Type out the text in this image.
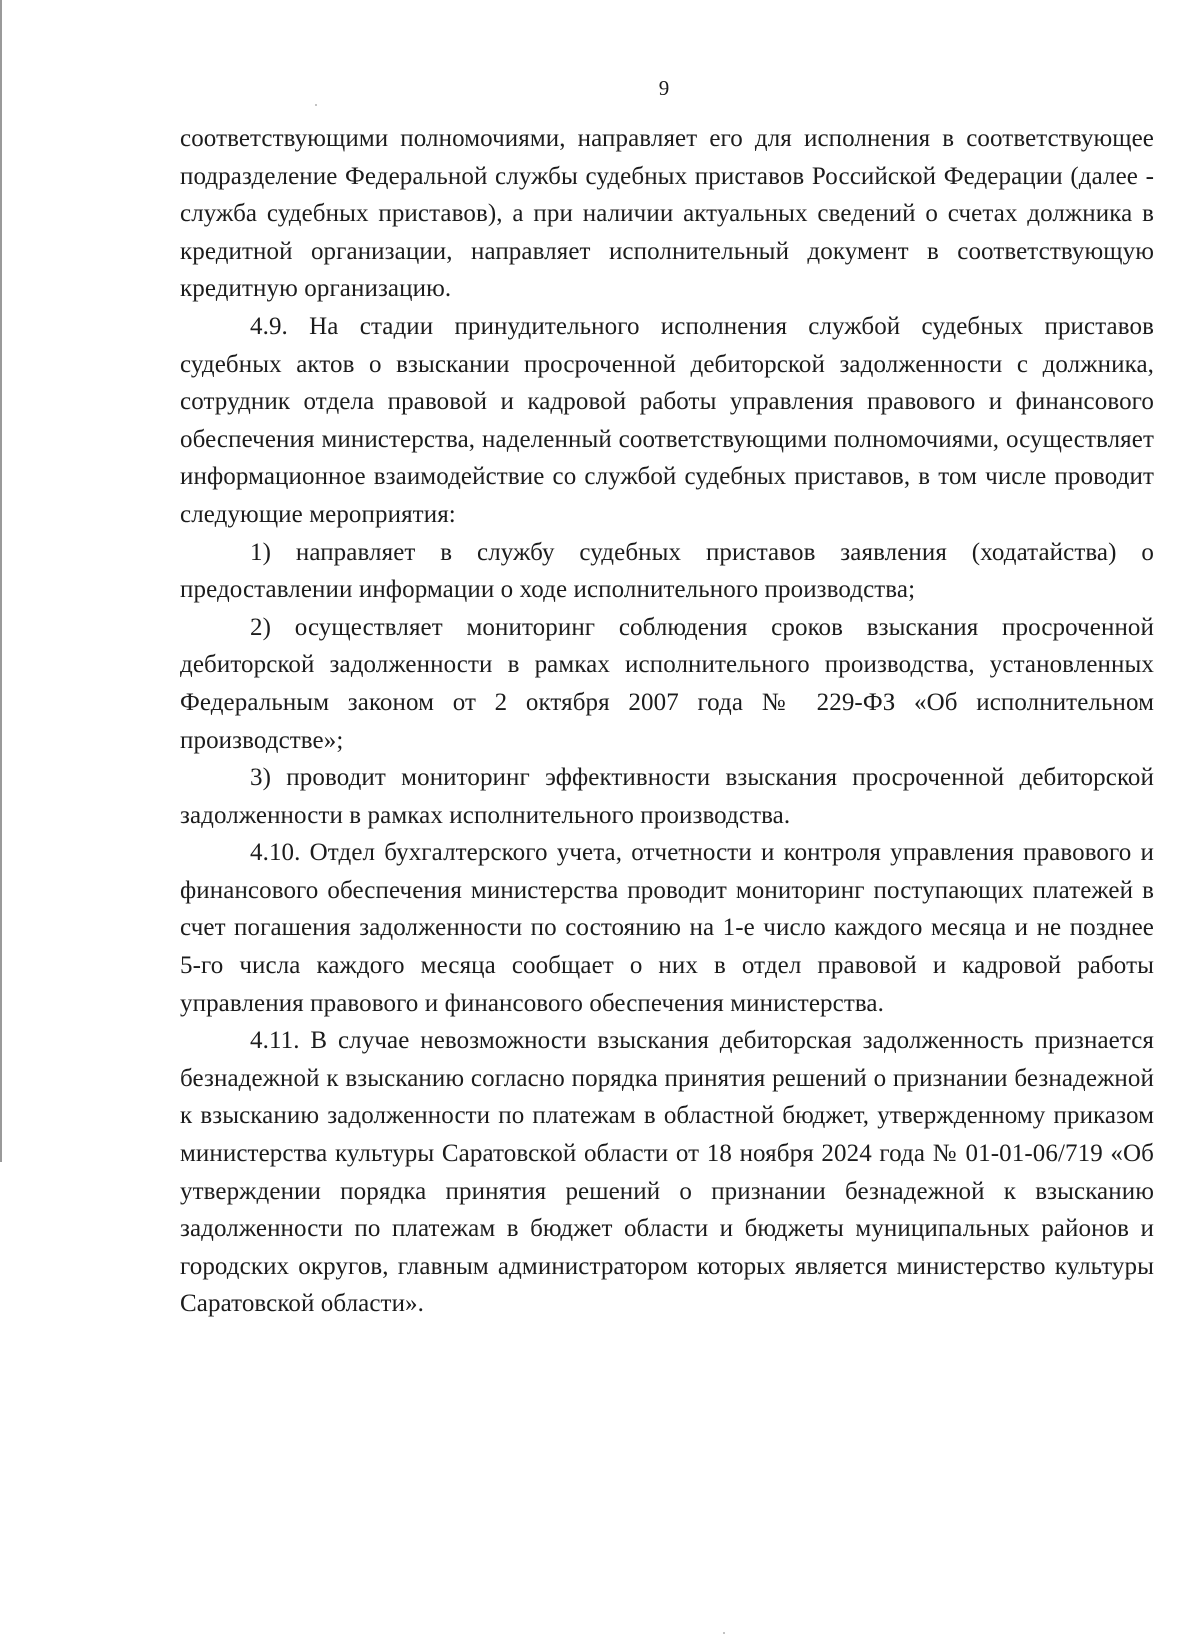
9

соответствующими полномочиями, направляет его для исполнения в соответствующее подразделение Федеральной службы судебных приставов Российской Федерации (далее - служба судебных приставов), а при наличии актуальных сведений о счетах должника в кредитной организации, направляет исполнительный документ в соответствующую кредитную организацию.

4.9. На стадии принудительного исполнения службой судебных приставов судебных актов о взыскании просроченной дебиторской задолженности с должника, сотрудник отдела правовой и кадровой работы управления правового и финансового обеспечения министерства, наделенный соответствующими полномочиями, осуществляет информационное взаимодействие со службой судебных приставов, в том числе проводит следующие мероприятия:

1) направляет в службу судебных приставов заявления (ходатайства) о предоставлении информации о ходе исполнительного производства;

2) осуществляет мониторинг соблюдения сроков взыскания просроченной дебиторской задолженности в рамках исполнительного производства, установленных Федеральным законом от 2 октября 2007 года № 229-ФЗ «Об исполнительном производстве»;

3) проводит мониторинг эффективности взыскания просроченной дебиторской задолженности в рамках исполнительного производства.

4.10. Отдел бухгалтерского учета, отчетности и контроля управления правового и финансового обеспечения министерства проводит мониторинг поступающих платежей в счет погашения задолженности по состоянию на 1-е число каждого месяца и не позднее 5-го числа каждого месяца сообщает о них в отдел правовой и кадровой работы управления правового и финансового обеспечения министерства.

4.11. В случае невозможности взыскания дебиторская задолженность признается безнадежной к взысканию согласно порядка принятия решений о признании безнадежной к взысканию задолженности по платежам в областной бюджет, утвержденному приказом министерства культуры Саратовской области от 18 ноября 2024 года № 01-01-06/719 «Об утверждении порядка принятия решений о признании безнадежной к взысканию задолженности по платежам в бюджет области и бюджеты муниципальных районов и городских округов, главным администратором которых является министерство культуры Саратовской области».
